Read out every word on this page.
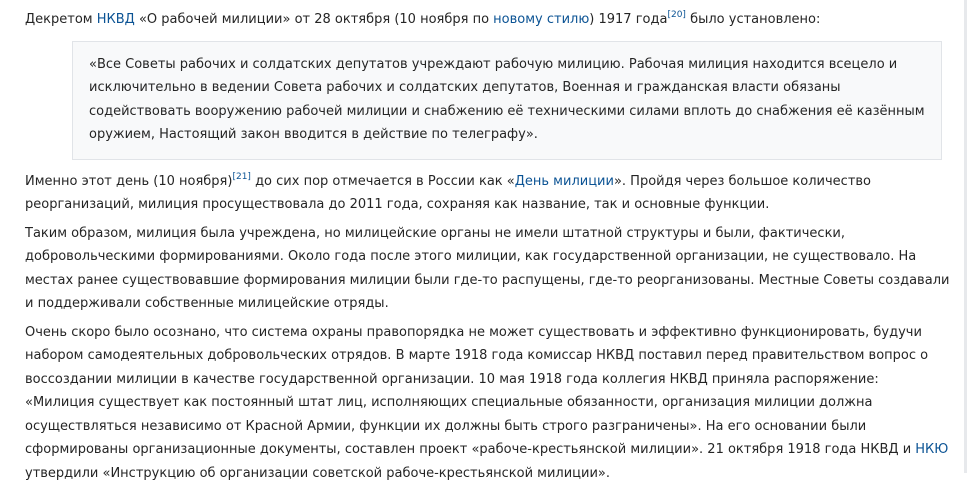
Декретом НКВД «О рабочей милиции» от 28 октября (10 ноября по новому стилю) 1917 года[20] было установлено:

«Все Советы рабочих и солдатских депутатов учреждают рабочую милицию. Рабочая милиция находится всецело и исключительно в ведении Совета рабочих и солдатских депутатов, Военная и гражданская власти обязаны содействовать вооружению рабочей милиции и снабжению её техническими силами вплоть до снабжения её казённым оружием, Настоящий закон вводится в действие по телеграфу».

Именно этот день (10 ноября)[21] до сих пор отмечается в России как «День милиции». Пройдя через большое количество реорганизаций, милиция просуществовала до 2011 года, сохраняя как название, так и основные функции.

Таким образом, милиция была учреждена, но милицейские органы не имели штатной структуры и были, фактически, добровольческими формированиями. Около года после этого милиции, как государственной организации, не существовало. На местах ранее существовавшие формирования милиции были где-то распущены, где-то реорганизованы. Местные Советы создавали и поддерживали собственные милицейские отряды.

Очень скоро было осознано, что система охраны правопорядка не может существовать и эффективно функционировать, будучи набором самодеятельных добровольческих отрядов. В марте 1918 года комиссар НКВД поставил перед правительством вопрос о воссоздании милиции в качестве государственной организации. 10 мая 1918 года коллегия НКВД приняла распоряжение: «Милиция существует как постоянный штат лиц, исполняющих специальные обязанности, организация милиции должна осуществляться независимо от Красной Армии, функции их должны быть строго разграничены». На его основании были сформированы организационные документы, составлен проект «рабоче-крестьянской милиции». 21 октября 1918 года НКВД и НКЮ утвердили «Инструкцию об организации советской рабоче-крестьянской милиции».
